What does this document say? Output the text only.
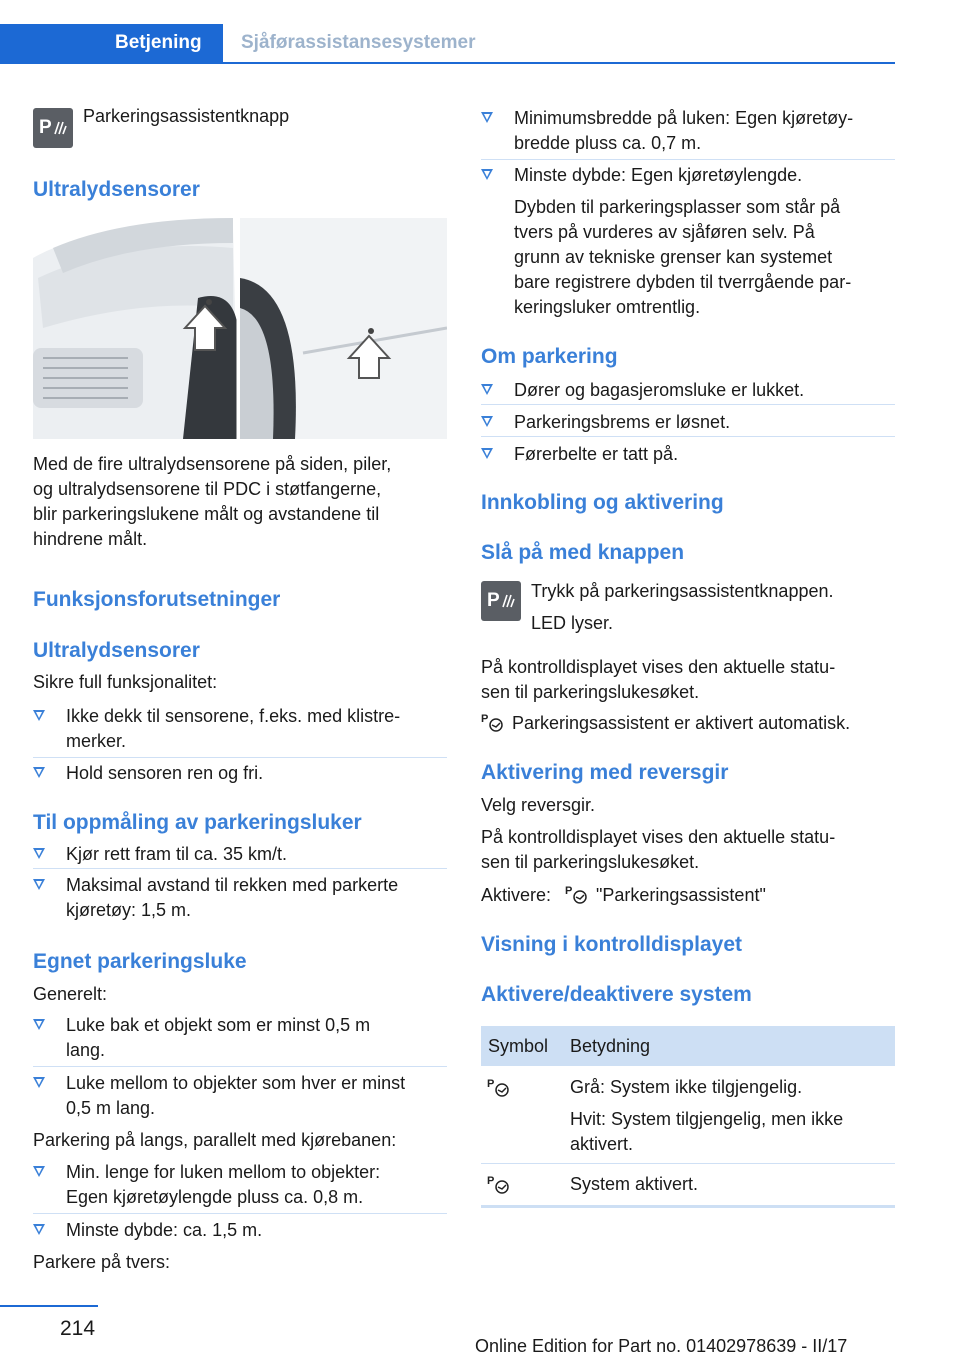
Betjening	Sjåførassistansesystemer
P
Parkeringsassistentknapp
Ultralydsensorer
Med de fire ultralydsensorene på siden, piler,
og ultralydsensorene til PDC i støtfangerne,
blir parkeringslukene målt og avstandene til
hindrene målt.
Funksjonsforutsetninger
Ultralydsensorer
Sikre full funksjonalitet:
Ikke dekk til sensorene, f.eks. med klistre-
merker.
Hold sensoren ren og fri.
Til oppmåling av parkeringsluker
Kjør rett fram til ca. 35 km/t.
Maksimal avstand til rekken med parkerte
kjøretøy: 1,5 m.
Egnet parkeringsluke
Generelt:
Luke bak et objekt som er minst 0,5 m
lang.
Luke mellom to objekter som hver er minst
0,5 m lang.
Parkering på langs, parallelt med kjørebanen:
Min. lenge for luken mellom to objekter:
Egen kjøretøylengde pluss ca. 0,8 m.
Minste dybde: ca. 1,5 m.
Parkere på tvers:
Minimumsbredde på luken: Egen kjøretøy-
bredde pluss ca. 0,7 m.
Minste dybde: Egen kjøretøylengde.
Dybden til parkeringsplasser som står på
tvers på vurderes av sjåføren selv. På
grunn av tekniske grenser kan systemet
bare registrere dybden til tverrgående par-
keringsluker omtrentlig.
Om parkering
Dører og bagasjeromsluke er lukket.
Parkeringsbrems er løsnet.
Førerbelte er tatt på.
Innkobling og aktivering
Slå på med knappen
P Trykk på parkeringsassistentknappen.
LED lyser.
På kontrolldisplayet vises den aktuelle statu-
sen til parkeringslukesøket.
P Parkeringsassistent er aktivert automatisk.
Aktivering med reversgir
Velg reversgir.
På kontrolldisplayet vises den aktuelle statu-
sen til parkeringslukesøket.
Aktivere: P "Parkeringsassistent"
Visning i kontrolldisplayet
Aktivere/deaktivere system
Symbol Betydning
P	Grå: System ikke tilgjengelig.
Hvit: System tilgjengelig, men ikke
aktivert.
P	System aktivert.
214
Online Edition for Part no. 01402978639 - II/17
